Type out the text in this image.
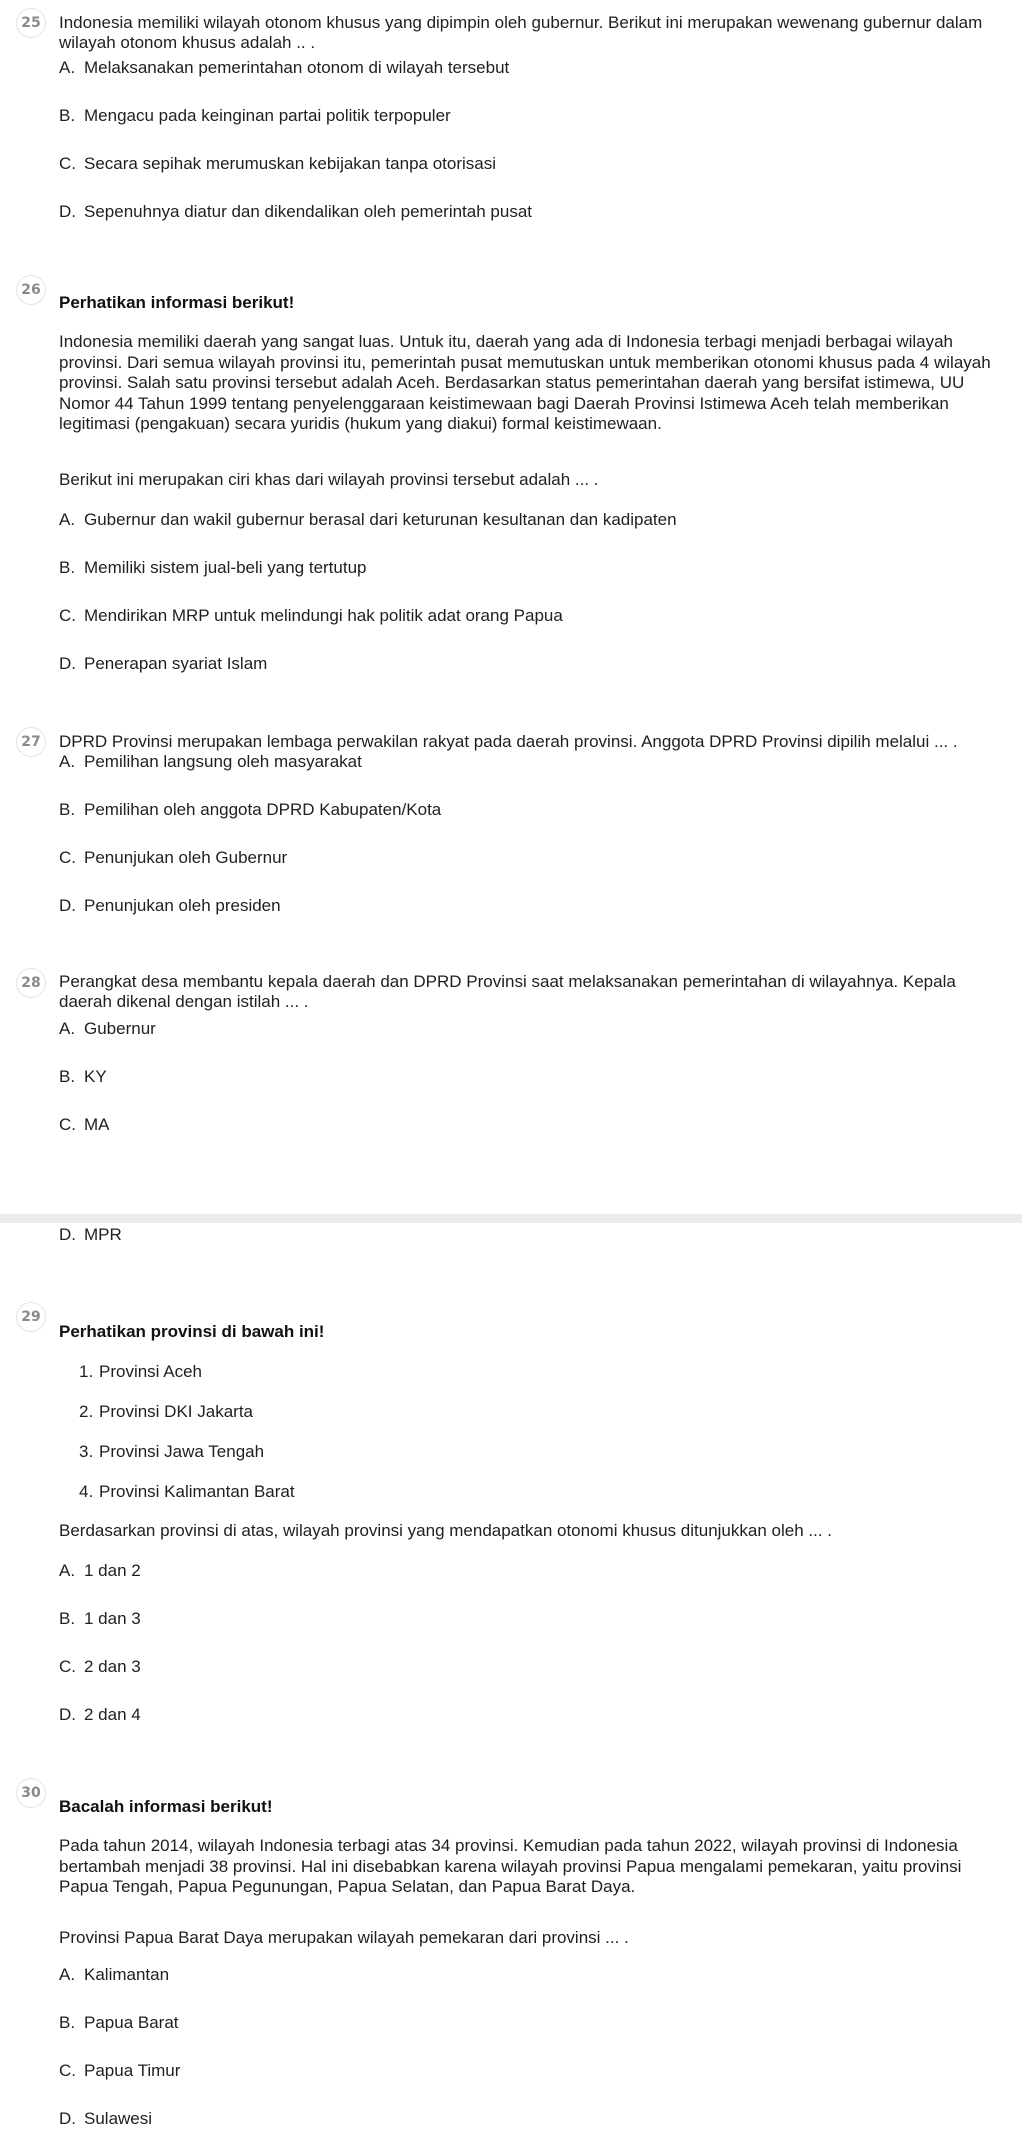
25	Indonesia memiliki wilayah otonom khusus yang dipimpin oleh gubernur. Berikut ini merupakan wewenang gubernur dalam wilayah otonom khusus adalah .. .
A. Melaksanakan pemerintahan otonom di wilayah tersebut
B. Mengacu pada keinginan partai politik terpopuler
C. Secara sepihak merumuskan kebijakan tanpa otorisasi
D. Sepenuhnya diatur dan dikendalikan oleh pemerintah pusat
26
Perhatikan informasi berikut!
Indonesia memiliki daerah yang sangat luas. Untuk itu, daerah yang ada di Indonesia terbagi menjadi berbagai wilayah provinsi. Dari semua wilayah provinsi itu, pemerintah pusat memutuskan untuk memberikan otonomi khusus pada 4 wilayah provinsi. Salah satu provinsi tersebut adalah Aceh. Berdasarkan status pemerintahan daerah yang bersifat istimewa, UU Nomor 44 Tahun 1999 tentang penyelenggaraan keistimewaan bagi Daerah Provinsi Istimewa Aceh telah memberikan legitimasi (pengakuan) secara yuridis (hukum yang diakui) formal keistimewaan.
Berikut ini merupakan ciri khas dari wilayah provinsi tersebut adalah ... .
A. Gubernur dan wakil gubernur berasal dari keturunan kesultanan dan kadipaten
B. Memiliki sistem jual-beli yang tertutup
C. Mendirikan MRP untuk melindungi hak politik adat orang Papua
D. Penerapan syariat Islam
27	DPRD Provinsi merupakan lembaga perwakilan rakyat pada daerah provinsi. Anggota DPRD Provinsi dipilih melalui ... .
A. Pemilihan langsung oleh masyarakat
B. Pemilihan oleh anggota DPRD Kabupaten/Kota
C. Penunjukan oleh Gubernur
D. Penunjukan oleh presiden
28	Perangkat desa membantu kepala daerah dan DPRD Provinsi saat melaksanakan pemerintahan di wilayahnya. Kepala daerah dikenal dengan istilah ... .
A. Gubernur
B. KY
C. MA
D. MPR
29
Perhatikan provinsi di bawah ini!
1. Provinsi Aceh
2. Provinsi DKI Jakarta
3. Provinsi Jawa Tengah
4. Provinsi Kalimantan Barat
Berdasarkan provinsi di atas, wilayah provinsi yang mendapatkan otonomi khusus ditunjukkan oleh ... .
A. 1 dan 2
B. 1 dan 3
C. 2 dan 3
D. 2 dan 4
30
Bacalah informasi berikut!
Pada tahun 2014, wilayah Indonesia terbagi atas 34 provinsi. Kemudian pada tahun 2022, wilayah provinsi di Indonesia bertambah menjadi 38 provinsi. Hal ini disebabkan karena wilayah provinsi Papua mengalami pemekaran, yaitu provinsi Papua Tengah, Papua Pegunungan, Papua Selatan, dan Papua Barat Daya.
Provinsi Papua Barat Daya merupakan wilayah pemekaran dari provinsi ... .
A. Kalimantan
B. Papua Barat
C. Papua Timur
D. Sulawesi
